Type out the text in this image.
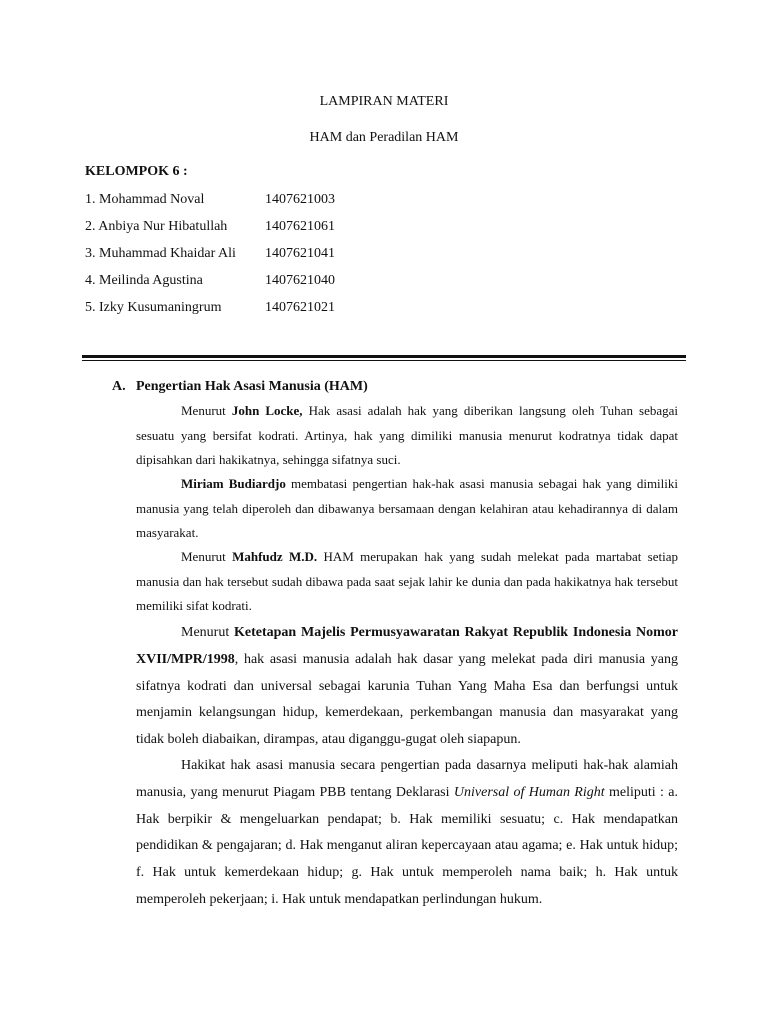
LAMPIRAN MATERI
HAM dan Peradilan HAM
KELOMPOK 6 :
1. Mohammad Noval	1407621003
2. Anbiya Nur Hibatullah	1407621061
3. Muhammad Khaidar Ali 1407621041
4. Meilinda Agustina	1407621040
5. Izky Kusumaningrum	1407621021
A. Pengertian Hak Asasi Manusia (HAM)

Menurut John Locke, Hak asasi adalah hak yang diberikan langsung oleh Tuhan sebagai sesuatu yang bersifat kodrati. Artinya, hak yang dimiliki manusia menurut kodratnya tidak dapat dipisahkan dari hakikatnya, sehingga sifatnya suci.

Miriam Budiardjo membatasi pengertian hak-hak asasi manusia sebagai hak yang dimiliki manusia yang telah diperoleh dan dibawanya bersamaan dengan kelahiran atau kehadirannya di dalam masyarakat.

Menurut Mahfudz M.D. HAM merupakan hak yang sudah melekat pada martabat setiap manusia dan hak tersebut sudah dibawa pada saat sejak lahir ke dunia dan pada hakikatnya hak tersebut memiliki sifat kodrati.

Menurut Ketetapan Majelis Permusyawaratan Rakyat Republik Indonesia Nomor XVII/MPR/1998, hak asasi manusia adalah hak dasar yang melekat pada diri manusia yang sifatnya kodrati dan universal sebagai karunia Tuhan Yang Maha Esa dan berfungsi untuk menjamin kelangsungan hidup, kemerdekaan, perkembangan manusia dan masyarakat yang tidak boleh diabaikan, dirampas, atau diganggu-gugat oleh siapapun.

Hakikat hak asasi manusia secara pengertian pada dasarnya meliputi hak-hak alamiah manusia, yang menurut Piagam PBB tentang Deklarasi Universal of Human Right meliputi : a. Hak berpikir & mengeluarkan pendapat; b. Hak memiliki sesuatu; c. Hak mendapatkan pendidikan & pengajaran; d. Hak menganut aliran kepercayaan atau agama; e. Hak untuk hidup; f. Hak untuk kemerdekaan hidup; g. Hak untuk memperoleh nama baik; h. Hak untuk memperoleh pekerjaan; i. Hak untuk mendapatkan perlindungan hukum.
